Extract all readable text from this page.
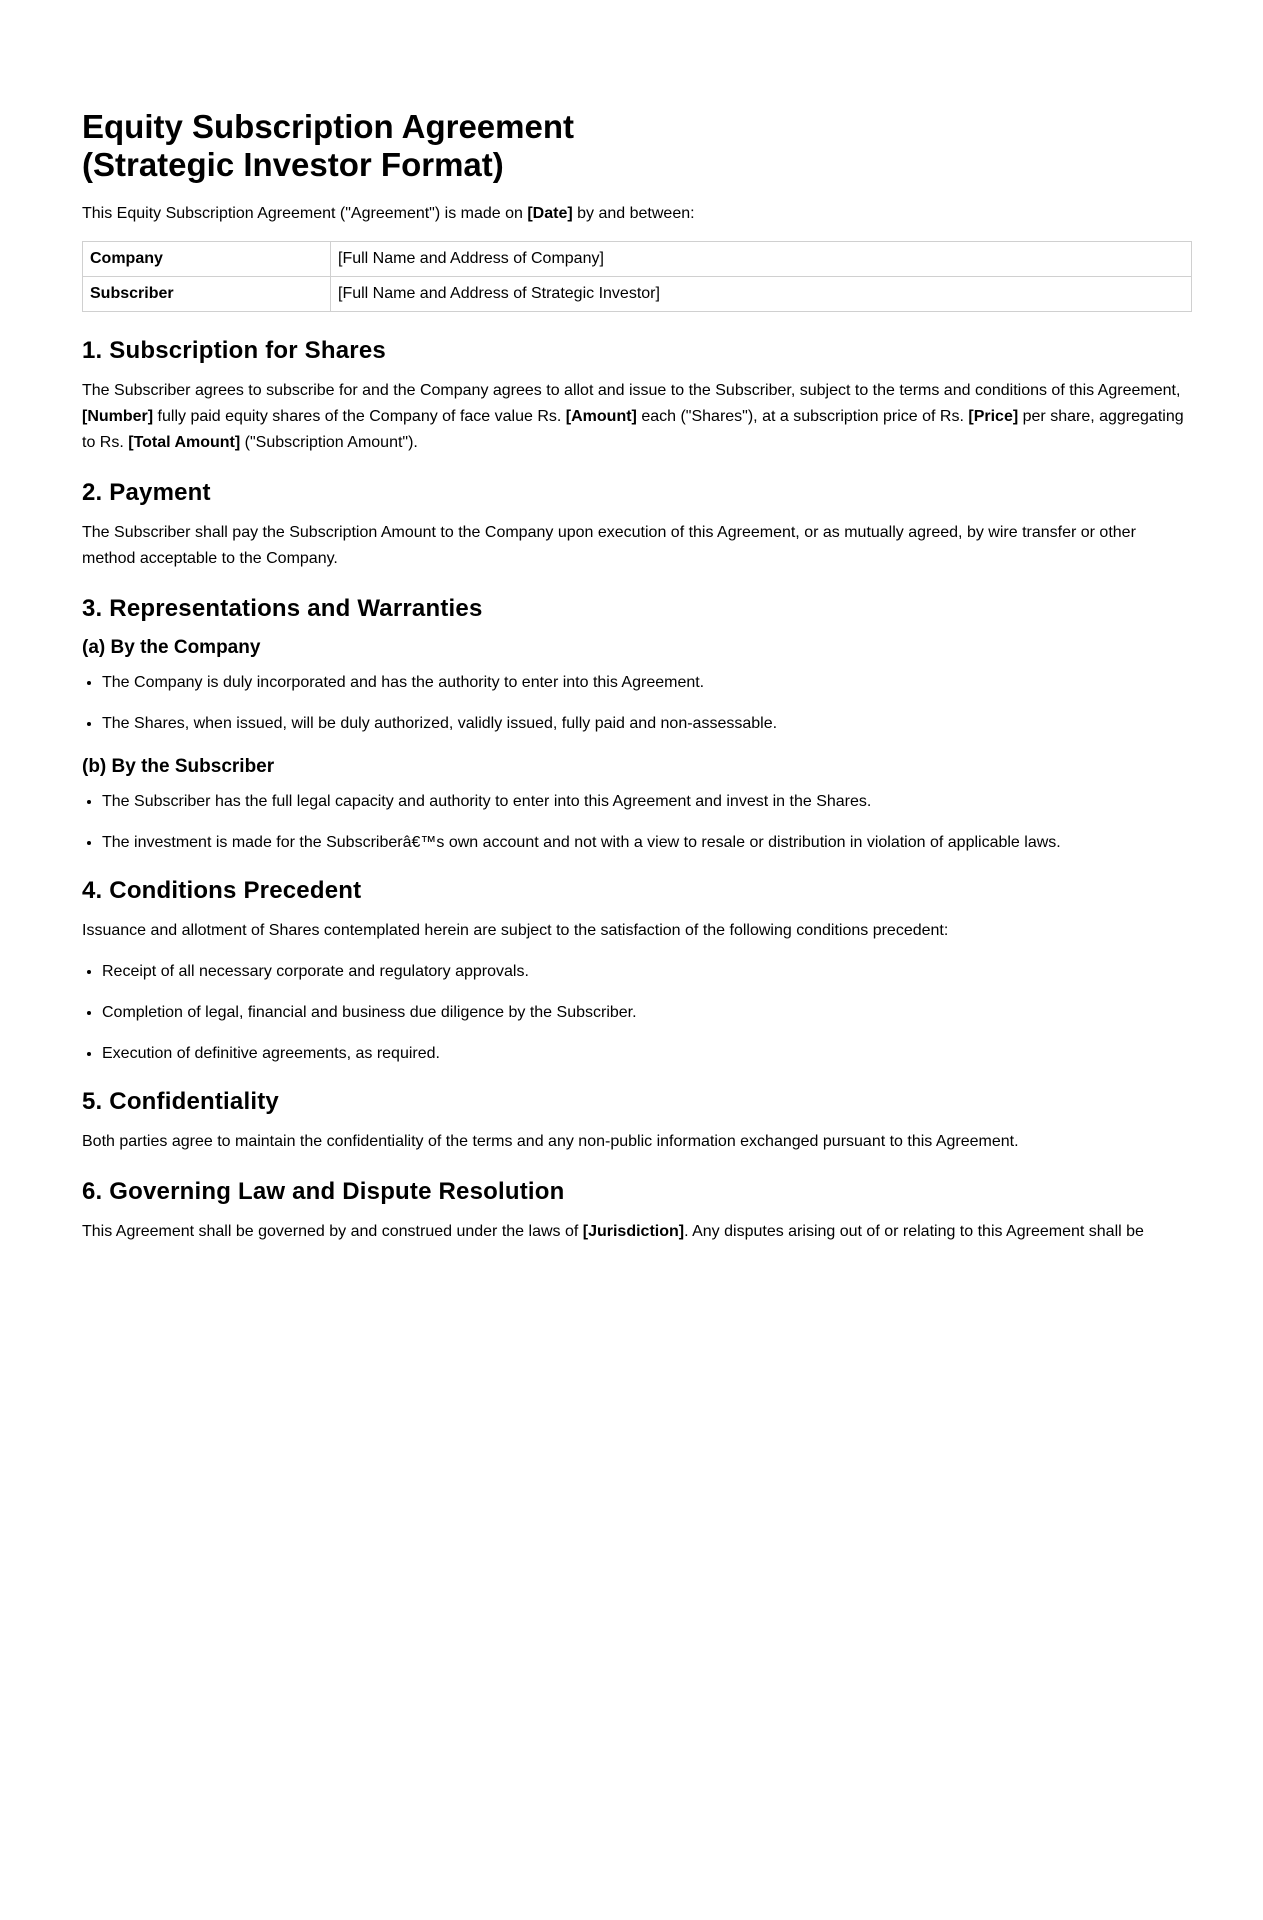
Equity Subscription Agreement
(Strategic Investor Format)

This Equity Subscription Agreement ("Agreement") is made on [Date] by and between:

Company	[Full Name and Address of Company]
Subscriber	[Full Name and Address of Strategic Investor]
1. Subscription for Shares

The Subscriber agrees to subscribe for and the Company agrees to allot and issue to the Subscriber, subject to the terms and conditions of this Agreement, [Number] fully paid equity shares of the Company of face value Rs. [Amount] each ("Shares"), at a subscription price of Rs. [Price] per share, aggregating to Rs. [Total Amount] ("Subscription Amount").

2. Payment

The Subscriber shall pay the Subscription Amount to the Company upon execution of this Agreement, or as mutually agreed, by wire transfer or other method acceptable to the Company.

3. Representations and Warranties
(a) By the Company
• The Company is duly incorporated and has the authority to enter into this Agreement.
• The Shares, when issued, will be duly authorized, validly issued, fully paid and non-assessable.
(b) By the Subscriber
• The Subscriber has the full legal capacity and authority to enter into this Agreement and invest in the Shares.
• The investment is made for the Subscriberâ€™s own account and not with a view to resale or distribution in violation of applicable laws.
4. Conditions Precedent

Issuance and allotment of Shares contemplated herein are subject to the satisfaction of the following conditions precedent:

• Receipt of all necessary corporate and regulatory approvals.
• Completion of legal, financial and business due diligence by the Subscriber.
• Execution of definitive agreements, as required.
5. Confidentiality

Both parties agree to maintain the confidentiality of the terms and any non-public information exchanged pursuant to this Agreement.

6. Governing Law and Dispute Resolution

This Agreement shall be governed by and construed under the laws of [Jurisdiction]. Any disputes arising out of or relating to this Agreement shall be
